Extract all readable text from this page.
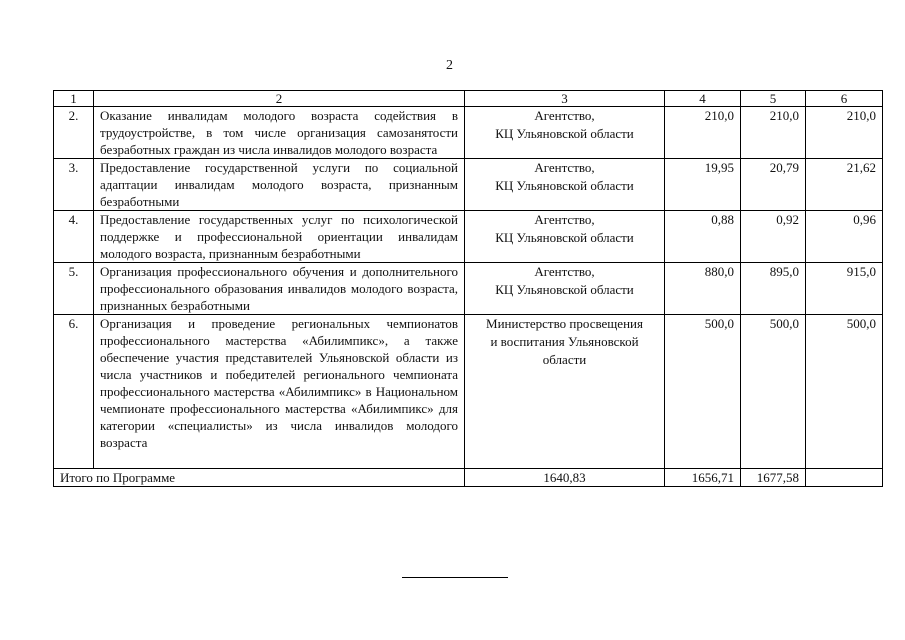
2
1	2	3	4	5	6
2.	Оказание инвалидам молодого возраста содействия в трудоустройстве, в том числе организация самозанятости безработных граждан из числа инвалидов молодого возраста	Агентство,
КЦ Ульяновской области	210,0	210,0	210,0
3.	Предоставление государственной услуги по социальной адаптации инвалидам молодого возраста, признанным безработными	Агентство,
КЦ Ульяновской области	19,95	20,79	21,62
4.	Предоставление государственных услуг по психологической поддержке и профессиональной ориентации инвалидам молодого возраста, признанным безработными	Агентство,
КЦ Ульяновской области	0,88	0,92	0,96
5.	Организация профессионального обучения и дополнительного профессионального образования инвалидов молодого возраста, признанных безработными	Агентство,
КЦ Ульяновской области	880,0	895,0	915,0
6.	Организация и проведение региональных чемпионатов профессионального мастерства «Абилимпикс», а также обеспечение участия представителей Ульяновской области из числа участников и победителей регионального чемпионата профессионального мастерства «Абилимпикс» в Национальном чемпионате профессионального мастерства «Абилимпикс» для категории «специалисты» из числа инвалидов молодого возраста	Министерство просвещения
и воспитания Ульяновской области	500,0	500,0	500,0
Итого по Программе		1640,83	1656,71	1677,58	
